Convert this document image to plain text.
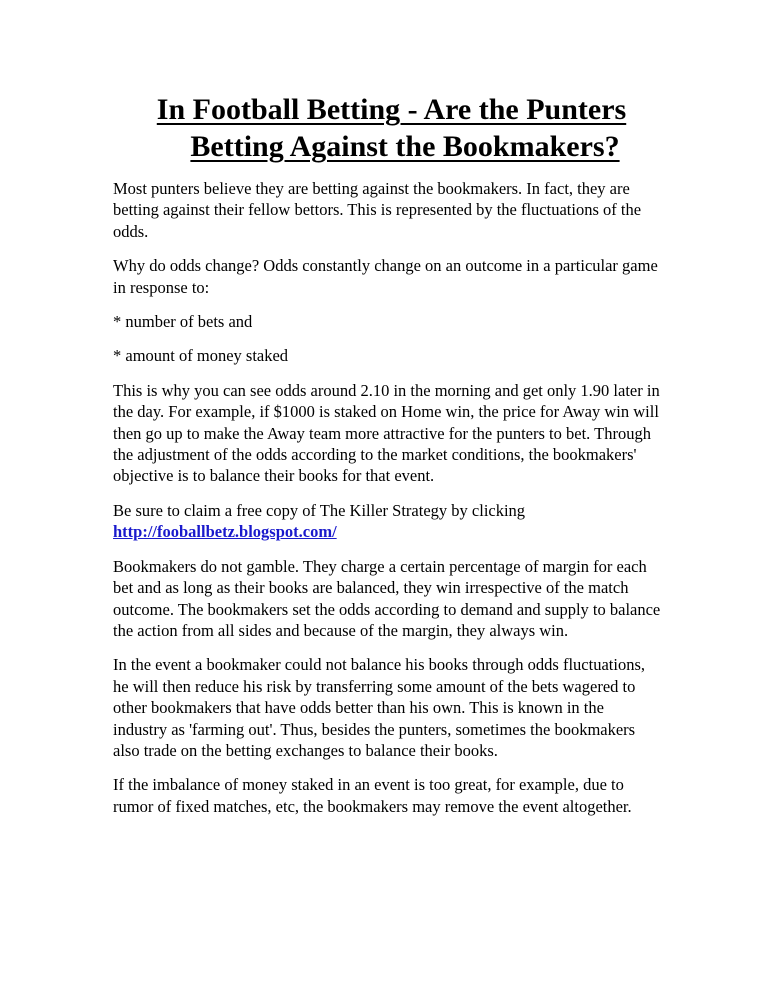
In Football Betting - Are the Punters
Betting Against the Bookmakers?

Most punters believe they are betting against the bookmakers. In fact, they are betting against their fellow bettors. This is represented by the fluctuations of the odds.

Why do odds change? Odds constantly change on an outcome in a particular game in response to:

* number of bets and

* amount of money staked

This is why you can see odds around 2.10 in the morning and get only 1.90 later in the day. For example, if $1000 is staked on Home win, the price for Away win will then go up to make the Away team more attractive for the punters to bet. Through the adjustment of the odds according to the market conditions, the bookmakers' objective is to balance their books for that event.

Be sure to claim a free copy of The Killer Strategy by clicking
http://fooballbetz.blogspot.com/

Bookmakers do not gamble. They charge a certain percentage of margin for each bet and as long as their books are balanced, they win irrespective of the match outcome. The bookmakers set the odds according to demand and supply to balance the action from all sides and because of the margin, they always win.

In the event a bookmaker could not balance his books through odds fluctuations, he will then reduce his risk by transferring some amount of the bets wagered to other bookmakers that have odds better than his own. This is known in the industry as 'farming out'. Thus, besides the punters, sometimes the bookmakers also trade on the betting exchanges to balance their books.

If the imbalance of money staked in an event is too great, for example, due to rumor of fixed matches, etc, the bookmakers may remove the event altogether.
